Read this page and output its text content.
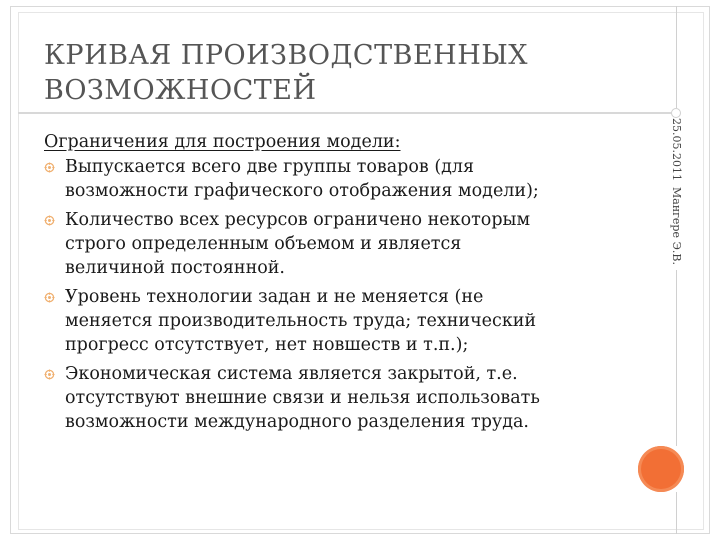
КРИВАЯ ПРОИЗВОДСТВЕННЫХ
ВОЗМОЖНОСТЕЙ
25.05.2011
Мангере Э.В.
Ограничения для построения модели:
Выпускается всего две группы товаров (для
возможности графического отображения модели);
Количество всех ресурсов ограничено некоторым
строго определенным объемом и является
величиной постоянной.
Уровень технологии задан и не меняется (не
меняется производительность труда; технический
прогресс отсутствует, нет новшеств и т.п.);
Экономическая система является закрытой, т.е.
отсутствуют внешние связи и нельзя использовать
возможности международного разделения труда.
